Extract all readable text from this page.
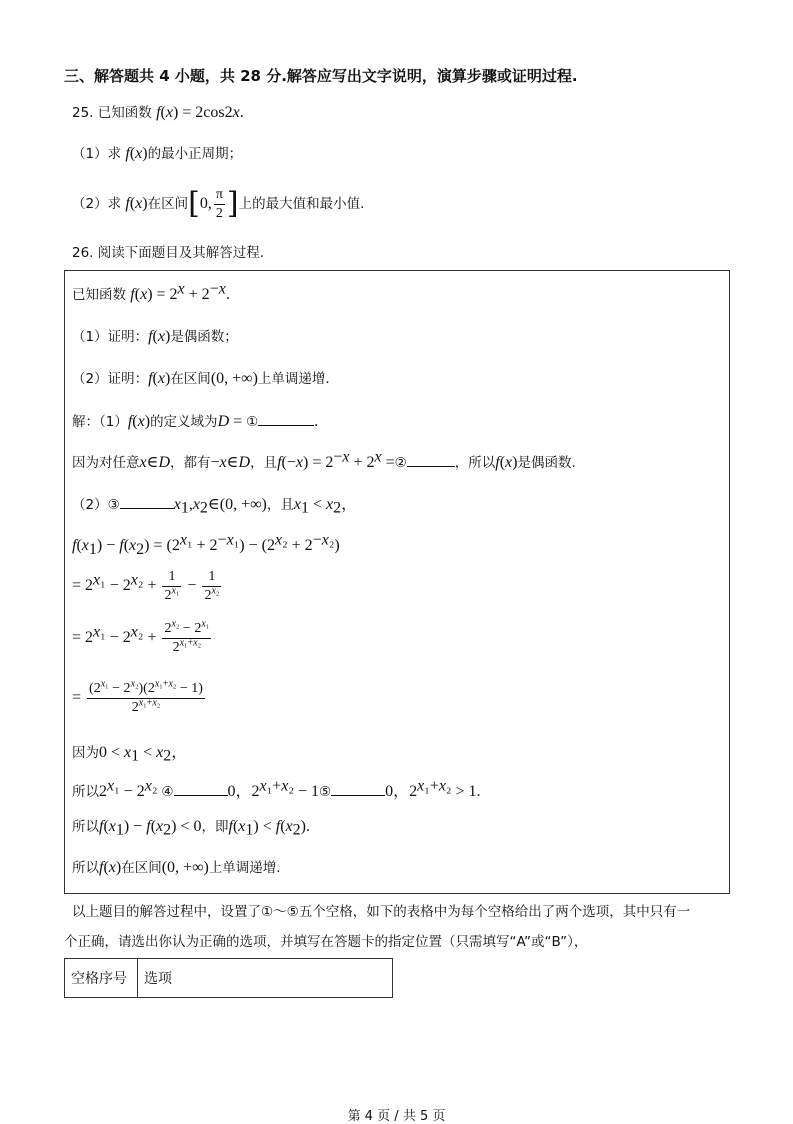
三、解答题共 4 小题，共 28 分.解答应写出文字说明，演算步骤或证明过程.
25. 已知函数 f(x) = 2cos2x.
（1）求 f(x)的最小正周期；
（2）求 f(x)在区间[0, $\frac{\pi}{2}$ ]上的最大值和最小值.
26. 阅读下面题目及其解答过程.
已知函数 $f(x) = 2^x + 2^{-x}$.
（1）证明：f(x)是偶函数；
（2）证明：f(x)在区间(0, +∞)上单调递增.
解：（1）f(x)的定义域为D = ①	.
因为对任意x∈D，都有−x∈D，且$f(-x) = 2^{-x} + 2^x$ =②	，所以f(x)是偶函数.
（2）③	$x_1,x_2\in(0$, +∞)，且$x_1 < x_2$，
$f(x_1) - f(x_2) = (2^{x_1} + 2^{-x_1}) - (2^{x_2} + 2^{-x_2})$
= $2^{x_1} - 2^{x_2} + \frac{1}{2^{x_1}} - \frac{1}{2^{x_2}}$
= $2^{x_1} - 2^{x_2} + \frac{2^{x_2} - 2^{x_1}}{2^{x_1+x_2}}$
= $\frac{(2^{x_1} - 2^{x_2})(2^{x_1+x_2} - 1)}{2^{x_1+x_2}}$
因为$0 < x_1 < x_2$，
所以$2^{x_1} - 2^{x_2}$ ④	0，$2^{x_1+x_2}$ − 1⑤	0，$2^{x_1+x_2} > 1$.
所以$f(x_1) - f(x_2) < 0$，即$f(x_1) < f(x_2)$.
所以f(x)在区间(0, +∞)上单调递增.
以上题目的解答过程中，设置了①～⑤五个空格，如下的表格中为每个空格给出了两个选项，其中只有一
个正确，请选出你认为正确的选项，并填写在答题卡的指定位置（只需填写“A”或“B”），
空格序号	选项
第 4 页 / 共 5 页
